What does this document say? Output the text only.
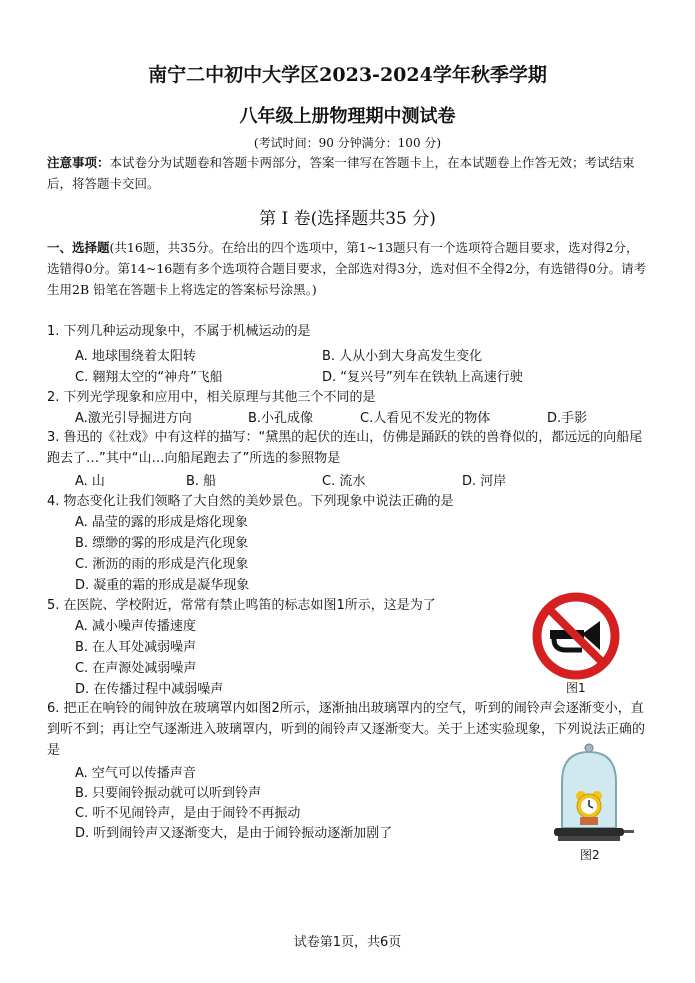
南宁二中初中大学区2023-2024学年秋季学期
八年级上册物理期中测试卷
(考试时间：90 分钟满分：100 分)
注意事项：本试卷分为试题卷和答题卡两部分，答案一律写在答题卡上，在本试题卷上作答无效；考试结束后，将答题卡交回。
第 I 卷(选择题共35 分)
一、选择题(共16题，共35分。在给出的四个选项中，第1~13题只有一个选项符合题目要求，选对得2分，选错得0分。第14~16题有多个选项符合题目要求，全部选对得3分，选对但不全得2分，有选错得0分。请考生用2B 铅笔在答题卡上将选定的答案标号涂黑。)
1. 下列几种运动现象中，不属于机械运动的是
A. 地球围绕着太阳转	B. 人从小到大身高发生变化
C. 翱翔太空的“神舟”飞船	D. “复兴号”列车在铁轨上高速行驶
2. 下列光学现象和应用中，相关原理与其他三个不同的是
A.激光引导掘进方向	B.小孔成像	C.人看见不发光的物体	D.手影
3. 鲁迅的《社戏》中有这样的描写：“黛黑的起伏的连山，仿佛是踊跃的铁的兽脊似的，都远远的向船尾跑去了…”其中“山…向船尾跑去了”所选的参照物是
A. 山	B. 船	C. 流水	D. 河岸
4. 物态变化让我们领略了大自然的美妙景色。下列现象中说法正确的是
A. 晶莹的露的形成是熔化现象
B. 缥缈的雾的形成是汽化现象
C. 淅沥的雨的形成是汽化现象
D. 凝重的霜的形成是凝华现象
5. 在医院、学校附近，常常有禁止鸣笛的标志如图1所示，这是为了
A. 减小噪声传播速度
B. 在人耳处减弱噪声
C. 在声源处减弱噪声
D. 在传播过程中减弱噪声	图1
6. 把正在响铃的闹钟放在玻璃罩内如图2所示，逐渐抽出玻璃罩内的空气，听到的闹铃声会逐渐变小，直到听不到；再让空气逐渐进入玻璃罩内，听到的闹铃声又逐渐变大。关于上述实验现象，下列说法正确的是
A. 空气可以传播声音
B. 只要闹铃振动就可以听到铃声
C. 听不见闹铃声，是由于闹铃不再振动
D. 听到闹铃声又逐渐变大，是由于闹铃振动逐渐加剧了
图2
试卷第1页，共6页
